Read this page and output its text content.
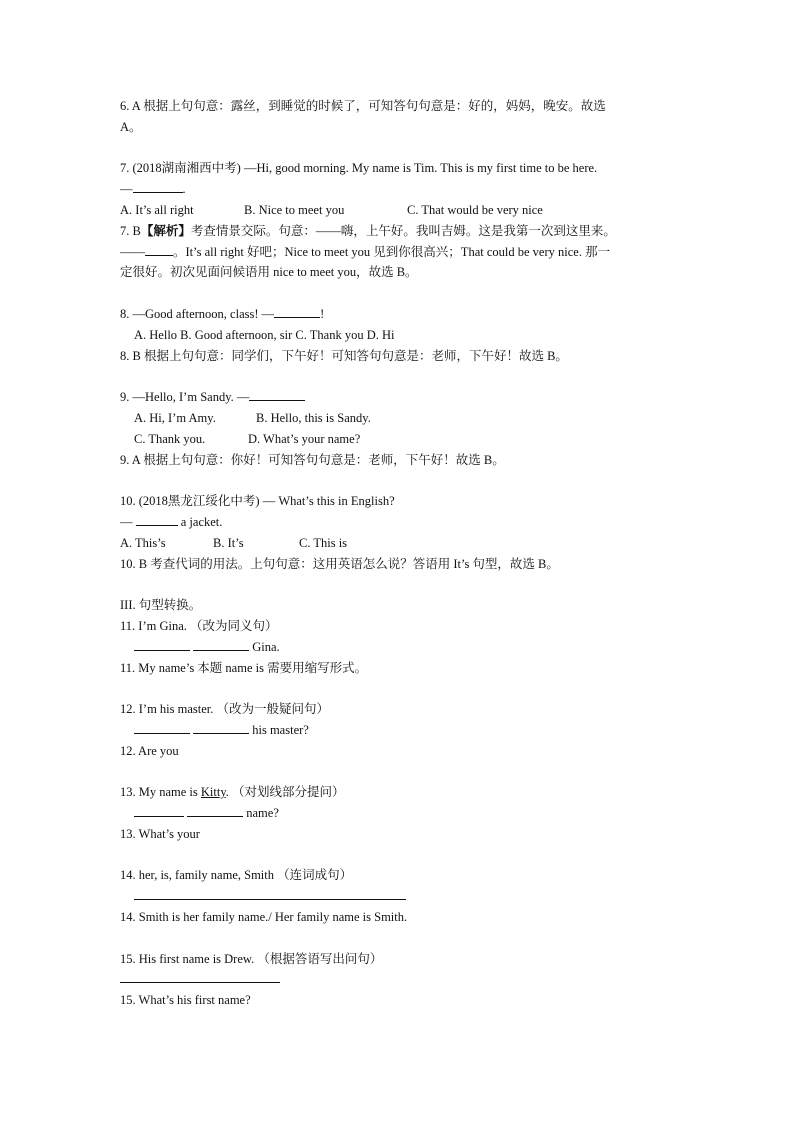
6. A 根据上句句意：露丝，到睡觉的时候了，可知答句句意是：好的，妈妈，晚安。故选
A。
7. (2018湖南湘西中考) —Hi, good morning. My name is Tim. This is my first time to be here.
—	.
A. It’s all right	B. Nice to meet you	C. That would be very nice
7. B【解析】考查情景交际。句意：——嗨，上午好。我叫吉姆。这是我第一次到这里来。
—— 。It’s all right 好吧；Nice to meet you 见到你很高兴；That could be very nice. 那一
定很好。初次见面问候语用 nice to meet you，故选 B。
8. —Good afternoon, class! —	!
A. Hello B. Good afternoon, sir C. Thank you D. Hi
8. B 根据上句句意：同学们，下午好！可知答句句意是：老师，下午好！故选 B。
9. —Hello, I’m Sandy. —
A. Hi, I’m Amy.	B. Hello, this is Sandy.
C. Thank you.	D. What’s your name?
9. A 根据上句句意：你好！可知答句句意是：老师，下午好！故选 B。
10. (2018黑龙江绥化中考) — What’s this in English?
—	a jacket.
A. This’s	B. It’s	C. This is
10. B 考查代词的用法。上句句意：这用英语怎么说？答语用 It’s 句型，故选 B。
III. 句型转换。
11. I’m Gina. （改为同义句）
Gina.
11. My name’s 本题 name is 需要用缩写形式。
12. I’m his master. （改为一般疑问句）
his master?
12. Are you
13. My name is Kitty. （对划线部分提问）
name?
13. What’s your
14. her, is, family name, Smith （连词成句）
14. Smith is her family name./ Her family name is Smith.
15. His first name is Drew. （根据答语写出问句）
15. What’s his first name?
